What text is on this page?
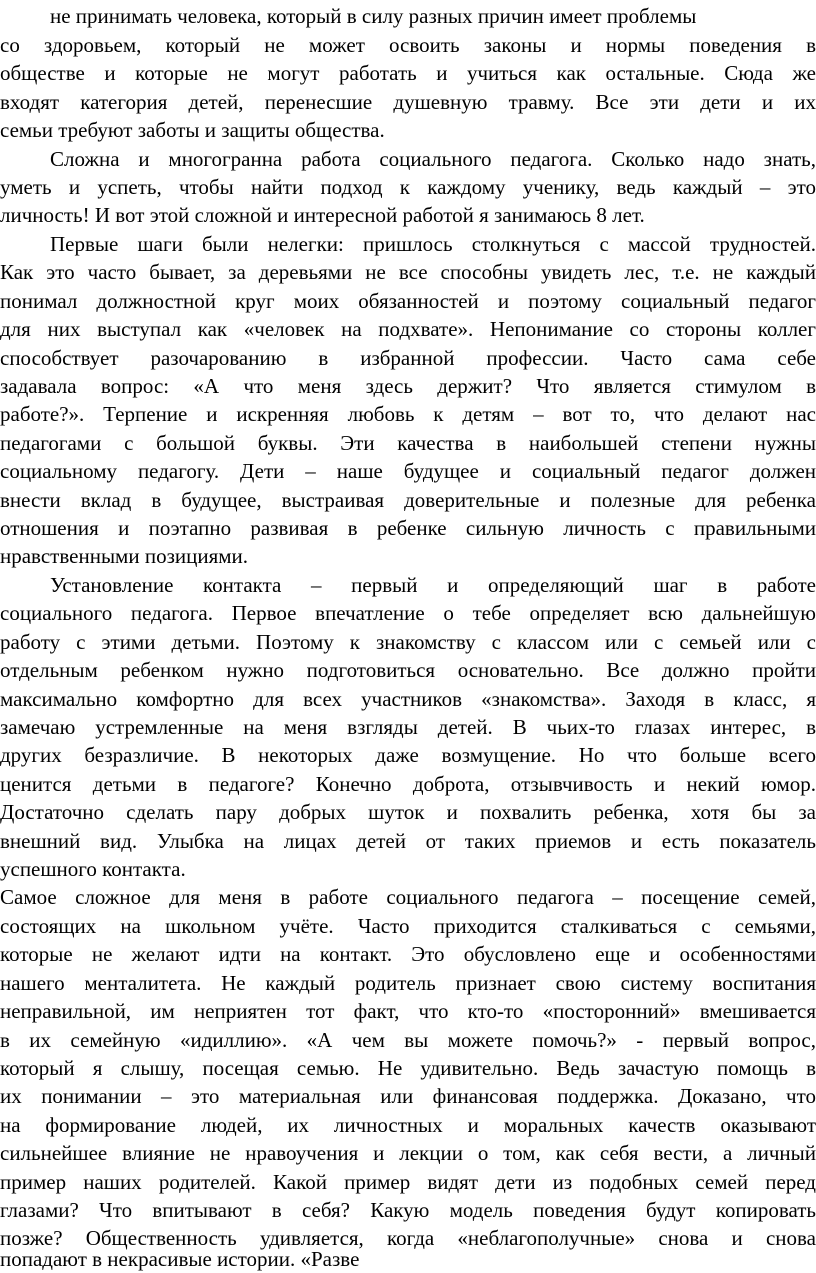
не принимать человека, который в силу разных причин имеет проблемы
со здоровьем, который не может освоить законы и нормы поведения в
обществе и которые не могут работать и учиться как остальные. Сюда же
входят категория детей, перенесшие душевную травму. Все эти дети и их
семьи требуют заботы и защиты общества.
Сложна и многогранна работа социального педагога. Сколько надо знать,
уметь и успеть, чтобы найти подход к каждому ученику, ведь каждый – это
личность! И вот этой сложной и интересной работой я занимаюсь 8 лет.
Первые шаги были нелегки: пришлось столкнуться с массой трудностей.
Как это часто бывает, за деревьями не все способны увидеть лес, т.е. не каждый
понимал должностной круг моих обязанностей и поэтому социальный педагог
для них выступал как «человек на подхвате». Непонимание со стороны коллег
способствует разочарованию в избранной профессии. Часто сама себе
задавала вопрос: «А что меня здесь держит? Что является стимулом в
работе?». Терпение и искренняя любовь к детям – вот то, что делают нас
педагогами с большой буквы. Эти качества в наибольшей степени нужны
социальному педагогу. Дети – наше будущее и социальный педагог должен
внести вклад в будущее, выстраивая доверительные и полезные для ребенка
отношения и поэтапно развивая в ребенке сильную личность с правильными
нравственными позициями.
Установление контакта – первый и определяющий шаг в работе
социального педагога. Первое впечатление о тебе определяет всю дальнейшую
работу с этими детьми. Поэтому к знакомству с классом или с семьей или с
отдельным ребенком нужно подготовиться основательно. Все должно пройти
максимально комфортно для всех участников «знакомства». Заходя в класс, я
замечаю устремленные на меня взгляды детей. В чьих-то глазах интерес, в
других безразличие. В некоторых даже возмущение. Но что больше всего
ценится детьми в педагоге? Конечно доброта, отзывчивость и некий юмор.
Достаточно сделать пару добрых шуток и похвалить ребенка, хотя бы за
внешний вид. Улыбка на лицах детей от таких приемов и есть показатель
успешного контакта.
Самое сложное для меня в работе социального педагога – посещение семей,
состоящих на школьном учёте. Часто приходится сталкиваться с семьями,
которые не желают идти на контакт. Это обусловлено еще и особенностями
нашего менталитета. Не каждый родитель признает свою систему воспитания
неправильной, им неприятен тот факт, что кто-то «посторонний» вмешивается
в их семейную «идиллию». «А чем вы можете помочь?» - первый вопрос,
который я слышу, посещая семью. Не удивительно. Ведь зачастую помощь в
их понимании – это материальная или финансовая поддержка. Доказано, что
на формирование людей, их личностных и моральных качеств оказывают
сильнейшее влияние не нравоучения и лекции о том, как себя вести, а личный
пример наших родителей. Какой пример видят дети из подобных семей перед
глазами? Что впитывают в себя? Какую модель поведения будут копировать
позже? Общественность удивляется, когда «неблагополучные» снова и снова
попадают в некрасивые истории. «Разве
